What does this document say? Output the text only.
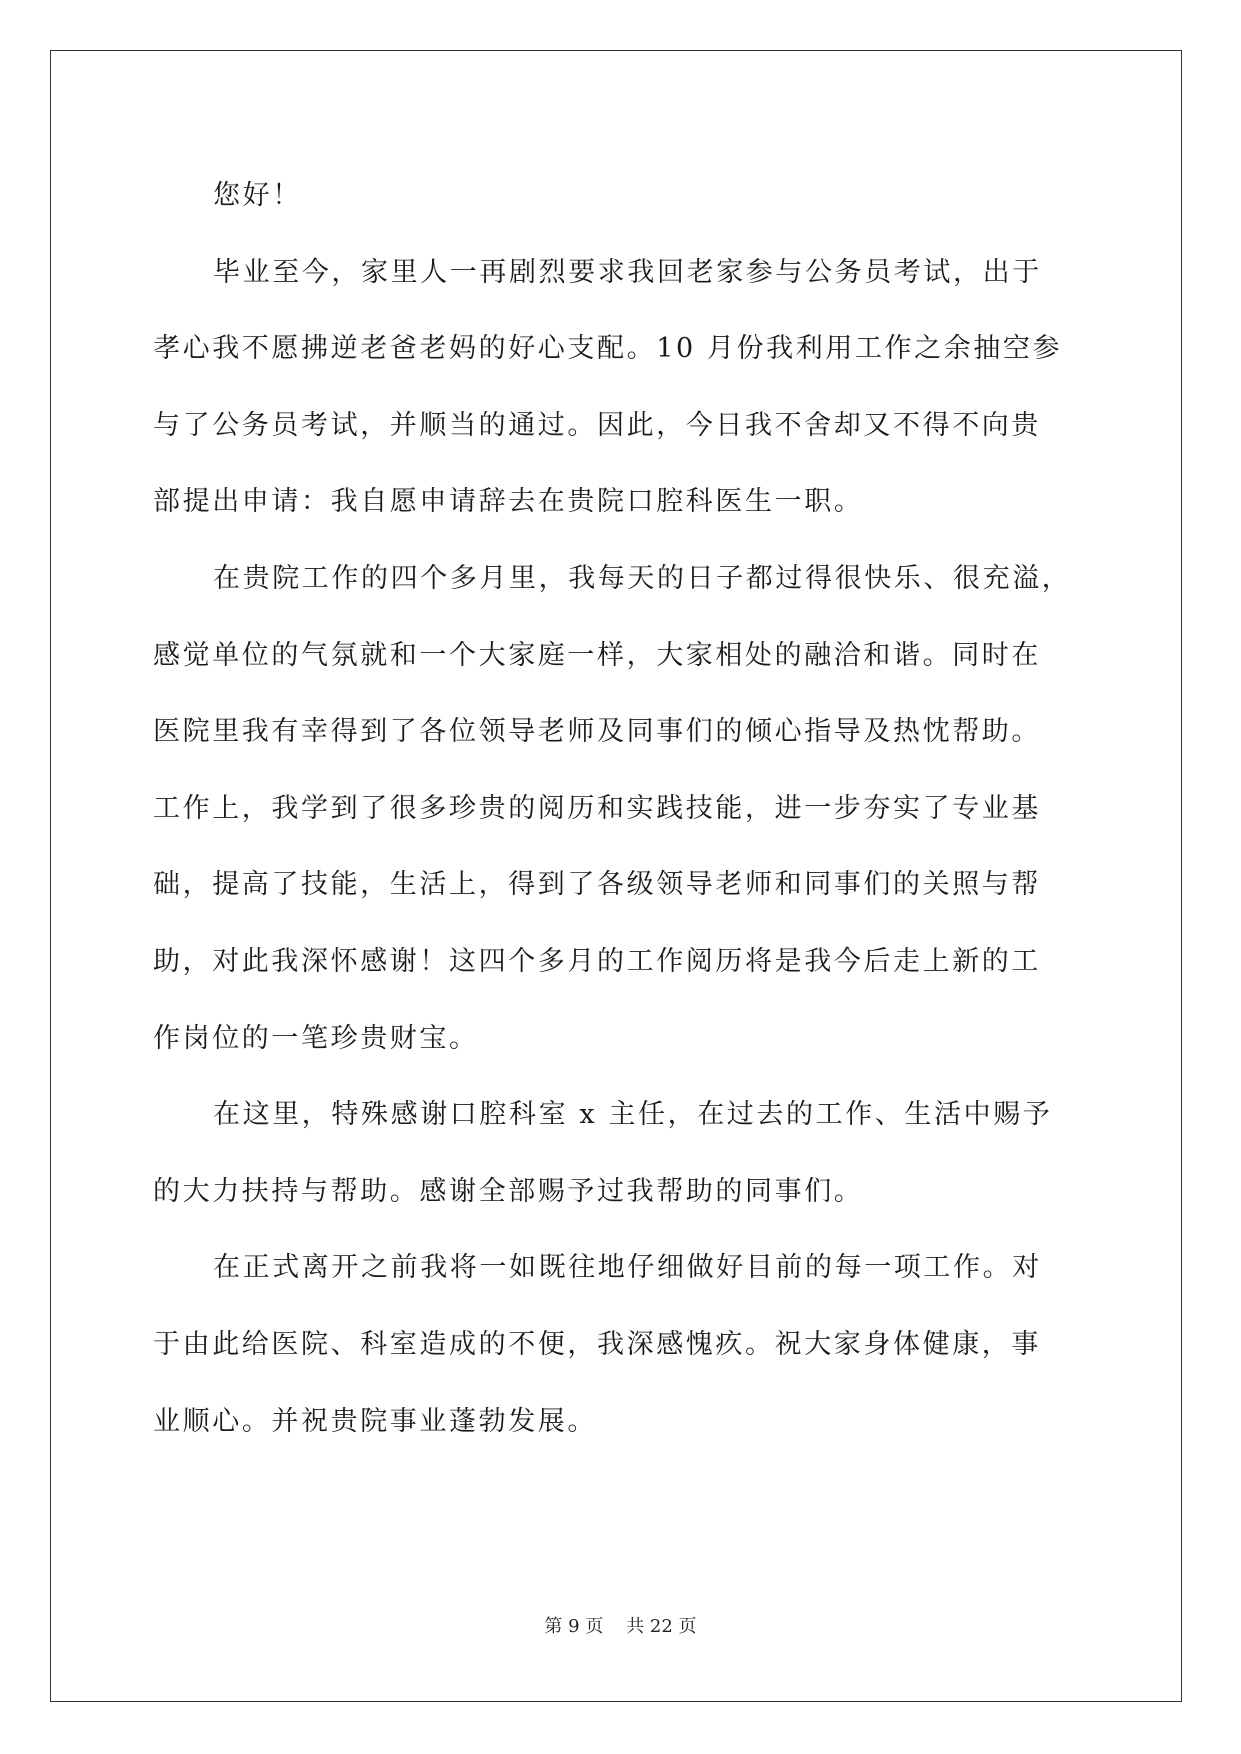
您好！
毕业至今，家里人一再剧烈要求我回老家参与公务员考试，出于
孝心我不愿拂逆老爸老妈的好心支配。10 月份我利用工作之余抽空参
与了公务员考试，并顺当的通过。因此，今日我不舍却又不得不向贵
部提出申请：我自愿申请辞去在贵院口腔科医生一职。
在贵院工作的四个多月里，我每天的日子都过得很快乐、很充溢，
感觉单位的气氛就和一个大家庭一样，大家相处的融洽和谐。同时在
医院里我有幸得到了各位领导老师及同事们的倾心指导及热忱帮助。
工作上，我学到了很多珍贵的阅历和实践技能，进一步夯实了专业基
础，提高了技能，生活上，得到了各级领导老师和同事们的关照与帮
助，对此我深怀感谢！这四个多月的工作阅历将是我今后走上新的工
作岗位的一笔珍贵财宝。
在这里，特殊感谢口腔科室 x 主任，在过去的工作、生活中赐予
的大力扶持与帮助。感谢全部赐予过我帮助的同事们。
在正式离开之前我将一如既往地仔细做好目前的每一项工作。对
于由此给医院、科室造成的不便，我深感愧疚。祝大家身体健康，事
业顺心。并祝贵院事业蓬勃发展。
第 9 页    共 22 页
